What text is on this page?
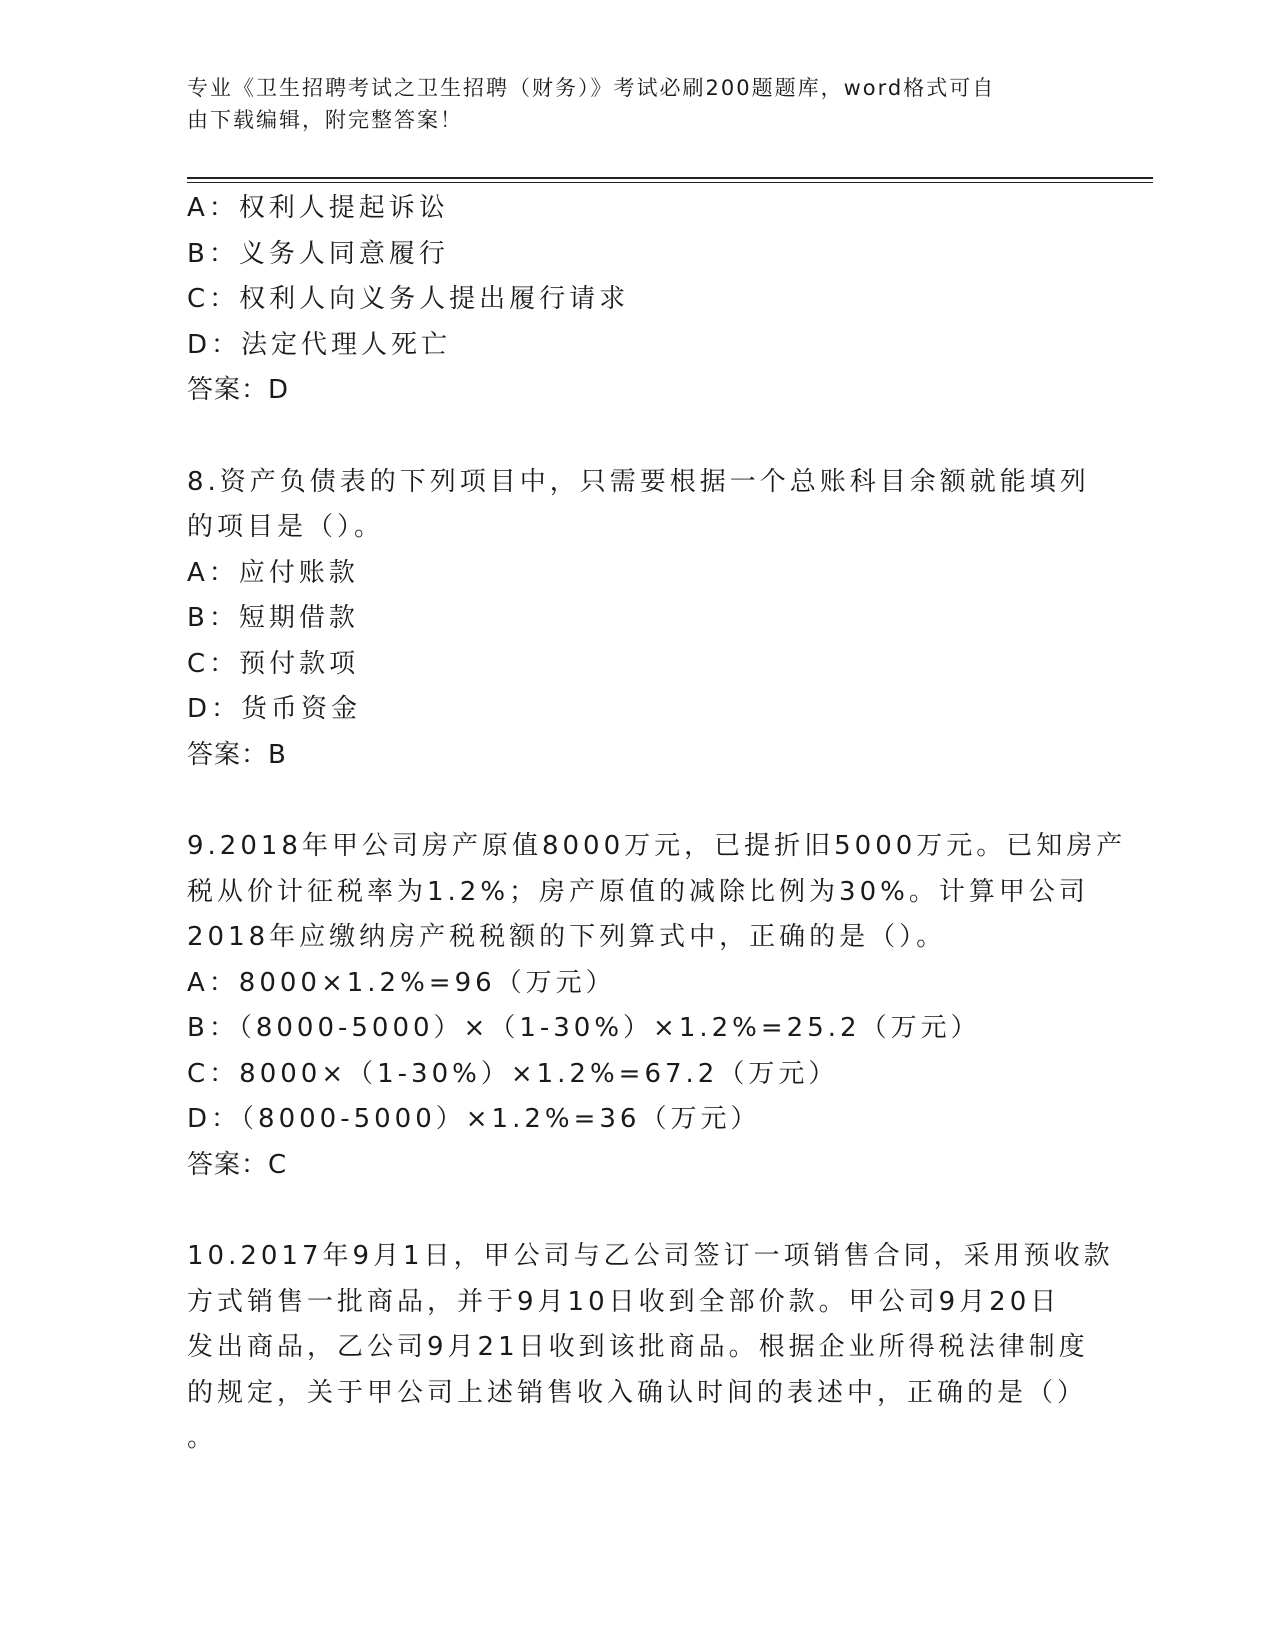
专业《卫生招聘考试之卫生招聘（财务）》考试必刷200题题库，word格式可自
由下载编辑，附完整答案！
A：权利人提起诉讼
B：义务人同意履行
C：权利人向义务人提出履行请求
D：法定代理人死亡
答案：D
8.资产负债表的下列项目中，只需要根据一个总账科目余额就能填列
的项目是（）。
A：应付账款
B：短期借款
C：预付款项
D：货币资金
答案：B
9.2018年甲公司房产原值8000万元，已提折旧5000万元。已知房产
税从价计征税率为1.2%；房产原值的减除比例为30%。计算甲公司
2018年应缴纳房产税税额的下列算式中，正确的是（）。
A：8000×1.2%=96（万元）
B：（8000-5000）×（1-30%）×1.2%=25.2（万元）
C：8000×（1-30%）×1.2%=67.2（万元）
D：（8000-5000）×1.2%=36（万元）
答案：C
10.2017年9月1日，甲公司与乙公司签订一项销售合同，采用预收款
方式销售一批商品，并于9月10日收到全部价款。甲公司9月20日
发出商品，乙公司9月21日收到该批商品。根据企业所得税法律制度
的规定，关于甲公司上述销售收入确认时间的表述中，正确的是（）
。
